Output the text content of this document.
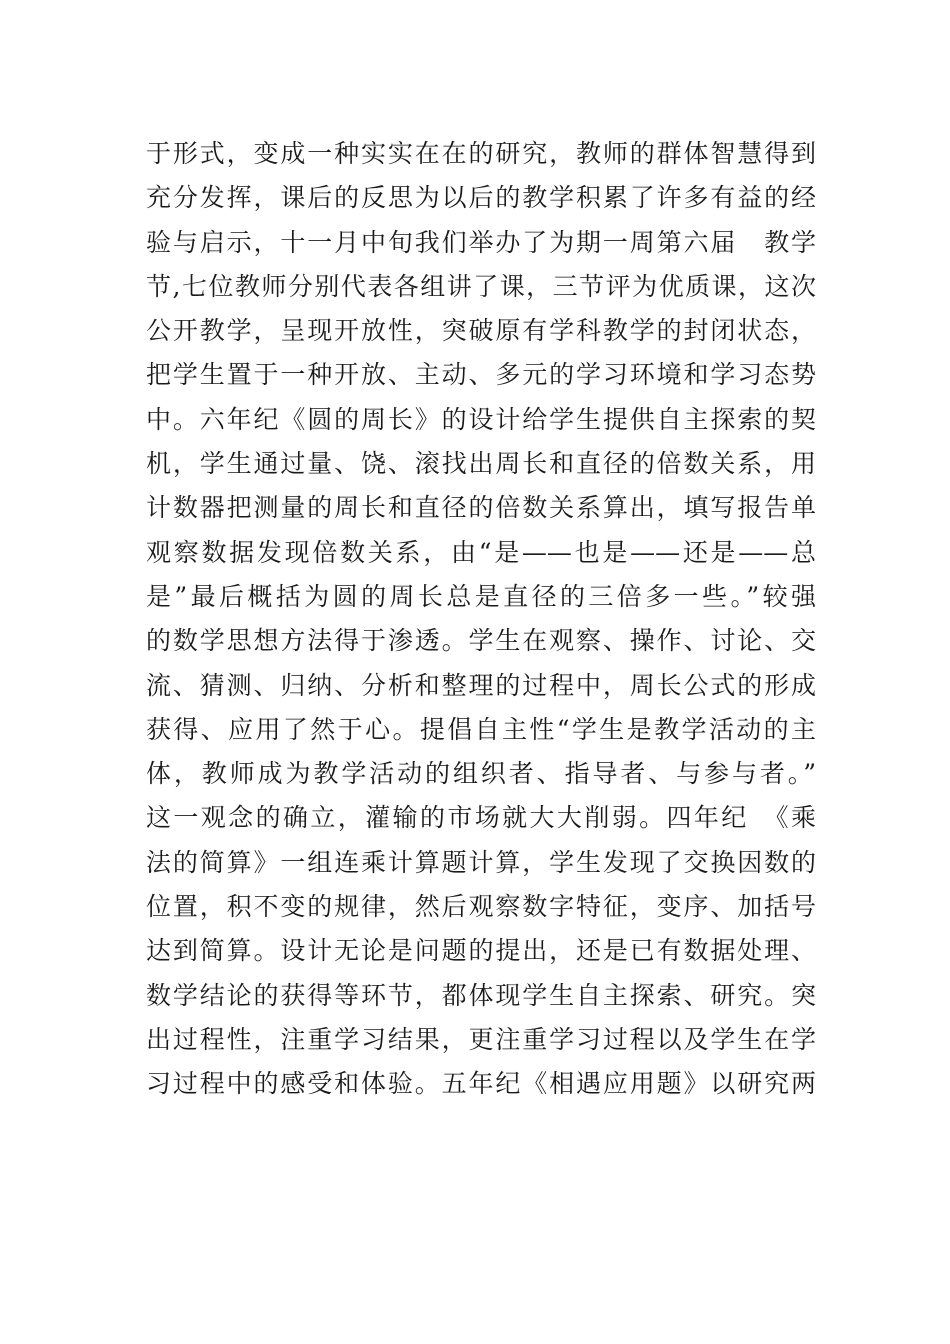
于形式，变成一种实实在在的研究，教师的群体智慧得到
充分发挥，课后的反思为以后的教学积累了许多有益的经
验与启示，十一月中旬我们举办了为期一周第六届　教学
节,七位教师分别代表各组讲了课，三节评为优质课，这次
公开教学，呈现开放性，突破原有学科教学的封闭状态，
把学生置于一种开放、主动、多元的学习环境和学习态势
中。六年纪《圆的周长》的设计给学生提供自主探索的契
机，学生通过量、饶、滚找出周长和直径的倍数关系，用
计数器把测量的周长和直径的倍数关系算出，填写报告单
观察数据发现倍数关系，由“是——也是——还是——总
是”最后概括为圆的周长总是直径的三倍多一些。”较强
的数学思想方法得于渗透。学生在观察、操作、讨论、交
流、猜测、归纳、分析和整理的过程中，周长公式的形成
获得、应用了然于心。提倡自主性“学生是教学活动的主
体，教师成为教学活动的组织者、指导者、与参与者。”
这一观念的确立，灌输的市场就大大削弱。四年纪　《乘
法的简算》一组连乘计算题计算，学生发现了交换因数的
位置，积不变的规律，然后观察数字特征，变序、加括号
达到简算。设计无论是问题的提出，还是已有数据处理、
数学结论的获得等环节，都体现学生自主探索、研究。突
出过程性，注重学习结果，更注重学习过程以及学生在学
习过程中的感受和体验。五年纪《相遇应用题》以研究两
